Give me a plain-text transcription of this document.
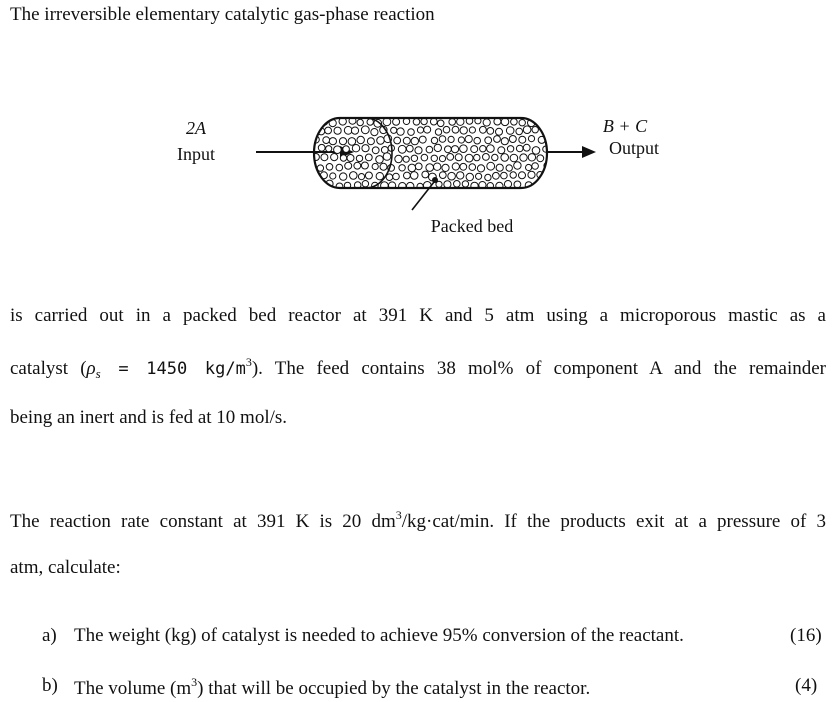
The irreversible elementary catalytic gas-phase reaction
2A
Input
B + C
Output
Packed bed
is carried out in a packed bed reactor at 391 K and 5 atm using a microporous mastic as a
catalyst ($\rho_s = 1450$ $kg/m^3$). The feed contains 38 mol% of component A and the remainder
being an inert and is fed at 10 mol/s.
The reaction rate constant at 391 K is 20 $dm^3/kg\cdot cat/\min$. If the products exit at a pressure of 3
atm, calculate:
a) The weight (kg) of catalyst is needed to achieve 95% conversion of the reactant.	(16)
b) The volume $(m^3)$ that will be occupied by the catalyst in the reactor.	(4)
